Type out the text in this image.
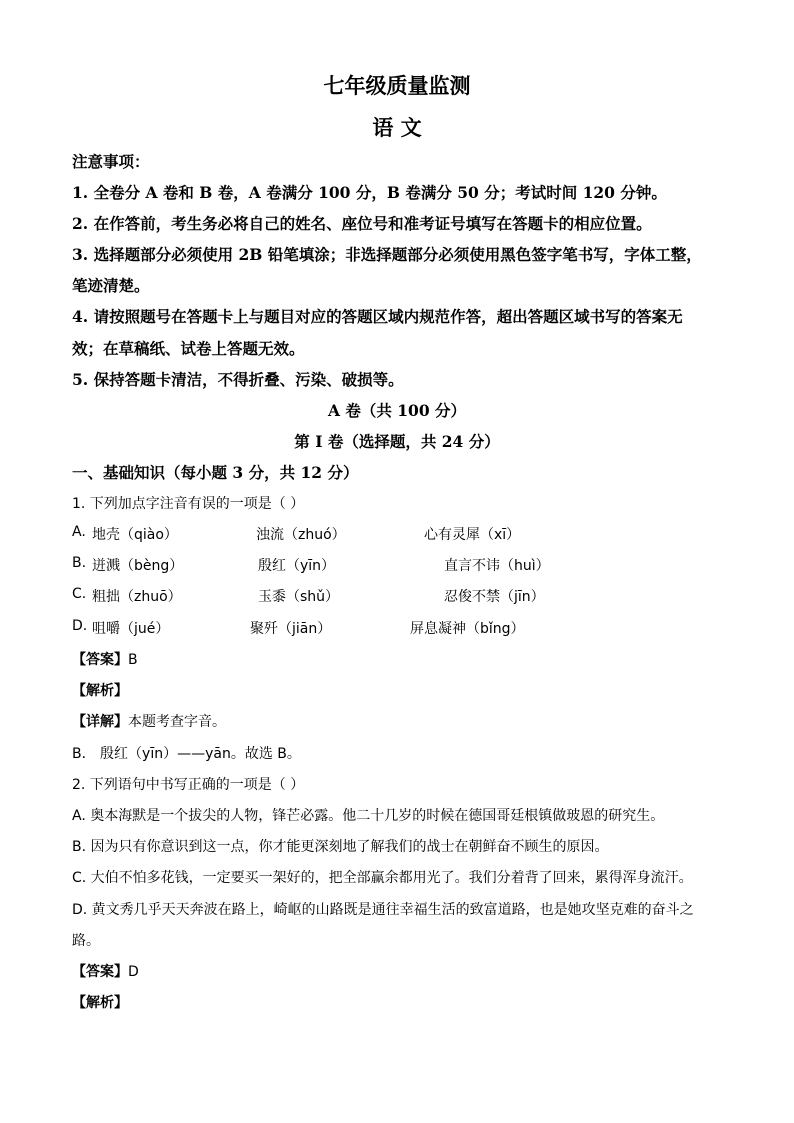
七年级质量监测
语 文
注意事项：
1. 全卷分 A 卷和 B 卷，A 卷满分 100 分，B 卷满分 50 分；考试时间 120 分钟。
2. 在作答前，考生务必将自己的姓名、座位号和准考证号填写在答题卡的相应位置。
3. 选择题部分必须使用 2B 铅笔填涂；非选择题部分必须使用黑色签字笔书写，字体工整，
笔迹清楚。
4. 请按照题号在答题卡上与题目对应的答题区域内规范作答，超出答题区域书写的答案无
效；在草稿纸、试卷上答题无效。
5. 保持答题卡清洁，不得折叠、污染、破损等。
A 卷（共 100 分）
第 I 卷（选择题，共 24 分）
一、基础知识（每小题 3 分，共 12 分）
1. 下列加点字注音有误的一项是（ ）
A. 地壳（qiào）	浊流（zhuó）	心有灵犀（xī）
B. 迸溅（bèng）	殷红（yīn）	直言不讳（huì）
C. 粗拙（zhuō）	玉黍（shǔ）	忍俊不禁（jīn）
D. 咀嚼（jué）	聚歼（jiān）	屏息凝神（bǐng）
【答案】B
【解析】
【详解】本题考查字音。
B． 殷红（yīn）——yān。故选 B。
2. 下列语句中书写正确的一项是（ ）
A. 奥本海默是一个拔尖的人物，锋芒必露。他二十几岁的时候在德国哥廷根镇做玻恩的研究生。
B. 因为只有你意识到这一点，你才能更深刻地了解我们的战士在朝鲜奋不顾生的原因。
C. 大伯不怕多花钱，一定要买一架好的，把全部赢余都用光了。我们分着背了回来，累得浑身流汗。
D. 黄文秀几乎天天奔波在路上，崎岖的山路既是通往幸福生活的致富道路，也是她攻坚克难的奋斗之
路。
【答案】D
【解析】
